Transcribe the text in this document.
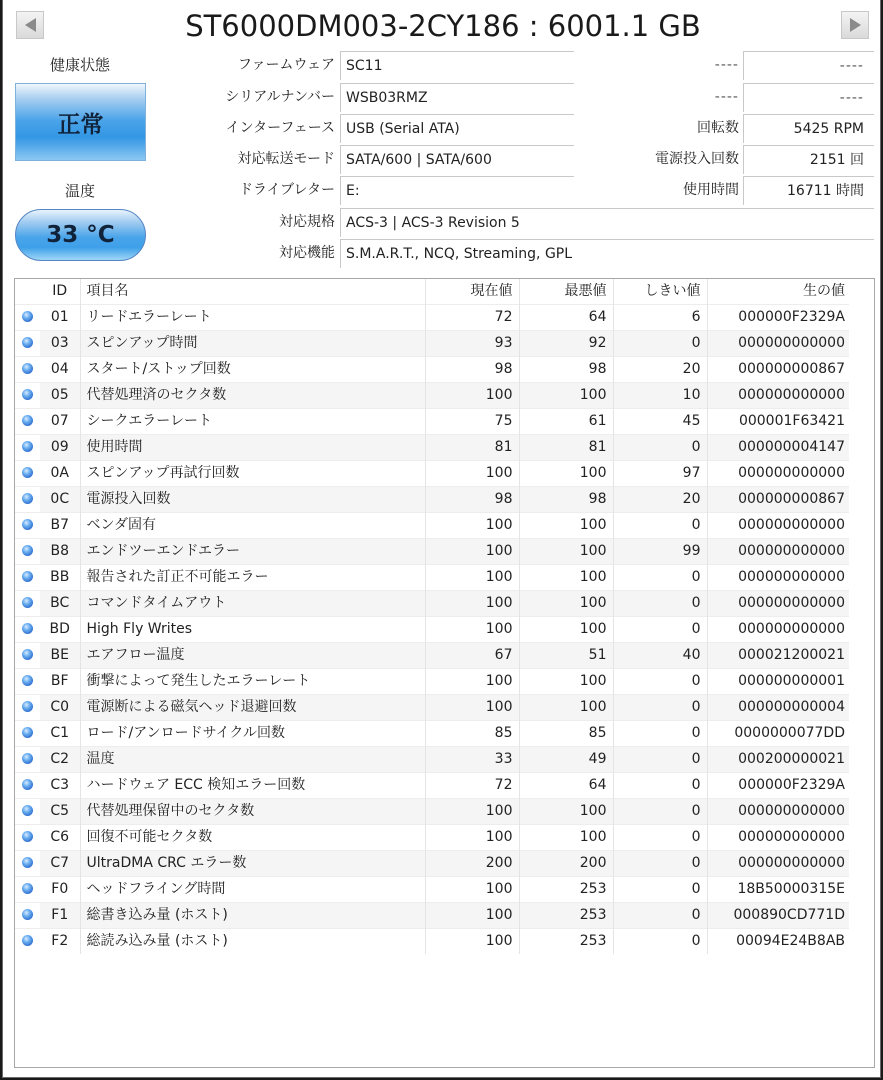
ST6000DM003-2CY186 : 6001.1 GB
健康状態
正常
温度
33 °C
ファームウェア SC11
シリアルナンバー WSB03RMZ
インターフェース USB (Serial ATA)
対応転送モード SATA/600 | SATA/600
ドライブレター E:
対応規格 ACS-3 | ACS-3 Revision 5
対応機能 S.M.A.R.T., NCQ, Streaming, GPL
----	----
----	----
回転数	5425 RPM
電源投入回数	2151 回
使用時間	16711 時間
	ID	項目名	現在値	最悪値	しきい値	生の値
	01	リードエラーレート	72	64	6	000000F2329A
	03	スピンアップ時間	93	92	0	000000000000
	04	スタート/ストップ回数	98	98	20	000000000867
	05	代替処理済のセクタ数	100	100	10	000000000000
	07	シークエラーレート	75	61	45	000001F63421
	09	使用時間	81	81	0	000000004147
	0A	スピンアップ再試行回数	100	100	97	000000000000
	0C	電源投入回数	98	98	20	000000000867
	B7	ベンダ固有	100	100	0	000000000000
	B8	エンドツーエンドエラー	100	100	99	000000000000
	BB	報告された訂正不可能エラー	100	100	0	000000000000
	BC	コマンドタイムアウト	100	100	0	000000000000
	BD	High Fly Writes	100	100	0	000000000000
	BE	エアフロー温度	67	51	40	000021200021
	BF	衝撃によって発生したエラーレート	100	100	0	000000000001
	C0	電源断による磁気ヘッド退避回数	100	100	0	000000000004
	C1	ロード/アンロードサイクル回数	85	85	0	0000000077DD
	C2	温度	33	49	0	000200000021
	C3	ハードウェア ECC 検知エラー回数	72	64	0	000000F2329A
	C5	代替処理保留中のセクタ数	100	100	0	000000000000
	C6	回復不可能セクタ数	100	100	0	000000000000
	C7	UltraDMA CRC エラー数	200	200	0	000000000000
	F0	ヘッドフライング時間	100	253	0	18B50000315E
	F1	総書き込み量 (ホスト)	100	253	0	000890CD771D
	F2	総読み込み量 (ホスト)	100	253	0	00094E24B8AB
